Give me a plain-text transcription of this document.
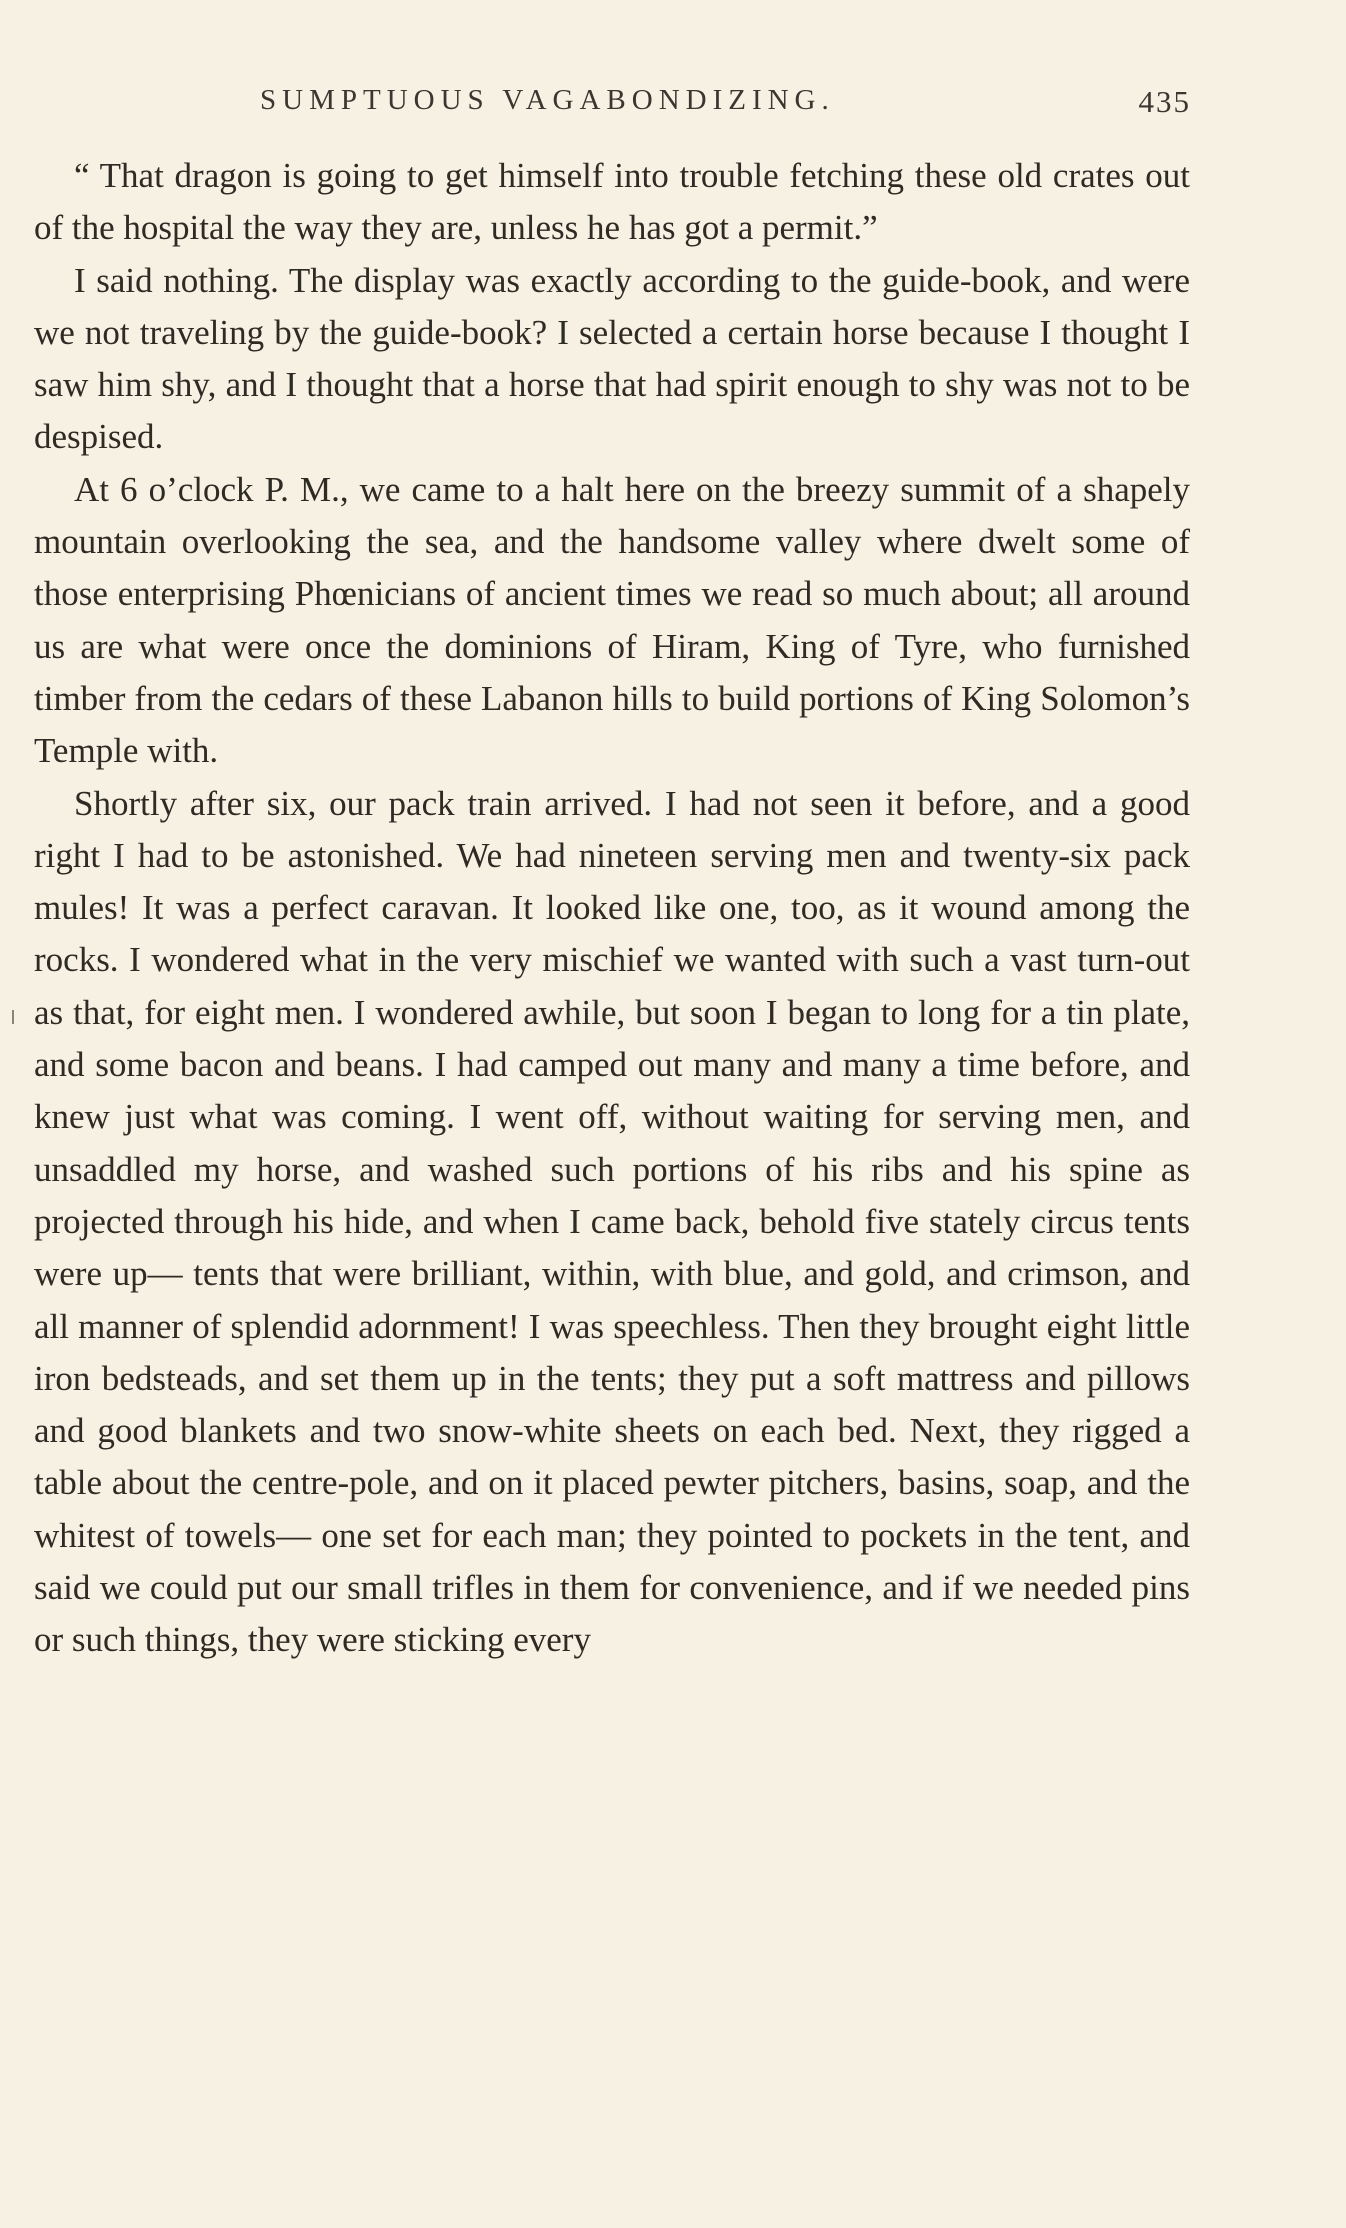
SUMPTUOUS VAGABONDIZING.	435

“ That dragon is going to get himself into trouble fetching these old crates out of the hospital the way they are, unless he has got a permit.”

I said nothing. The display was exactly according to the guide-book, and were we not traveling by the guide-book? I selected a certain horse because I thought I saw him shy, and I thought that a horse that had spirit enough to shy was not to be despised.

At 6 o’clock P. M., we came to a halt here on the breezy summit of a shapely mountain overlooking the sea, and the handsome valley where dwelt some of those enterprising Phœnicians of ancient times we read so much about; all around us are what were once the dominions of Hiram, King of Tyre, who furnished timber from the cedars of these Labanon hills to build portions of King Solomon’s Temple with.

Shortly after six, our pack train arrived. I had not seen it before, and a good right I had to be astonished. We had nineteen serving men and twenty-six pack mules! It was a perfect caravan. It looked like one, too, as it wound among the rocks. I wondered what in the very mischief we wanted with such a vast turn-out as that, for eight men. I wondered awhile, but soon I began to long for a tin plate, and some bacon and beans. I had camped out many and many a time before, and knew just what was coming. I went off, without waiting for serving men, and unsaddled my horse, and washed such portions of his ribs and his spine as projected through his hide, and when I came back, behold five stately circus tents were up— tents that were brilliant, within, with blue, and gold, and crimson, and all manner of splendid adornment! I was speechless. Then they brought eight little iron bedsteads, and set them up in the tents; they put a soft mattress and pillows and good blankets and two snow-white sheets on each bed. Next, they rigged a table about the centre-pole, and on it placed pewter pitchers, basins, soap, and the whitest of towels— one set for each man; they pointed to pockets in the tent, and said we could put our small trifles in them for convenience, and if we needed pins or such things, they were sticking every
